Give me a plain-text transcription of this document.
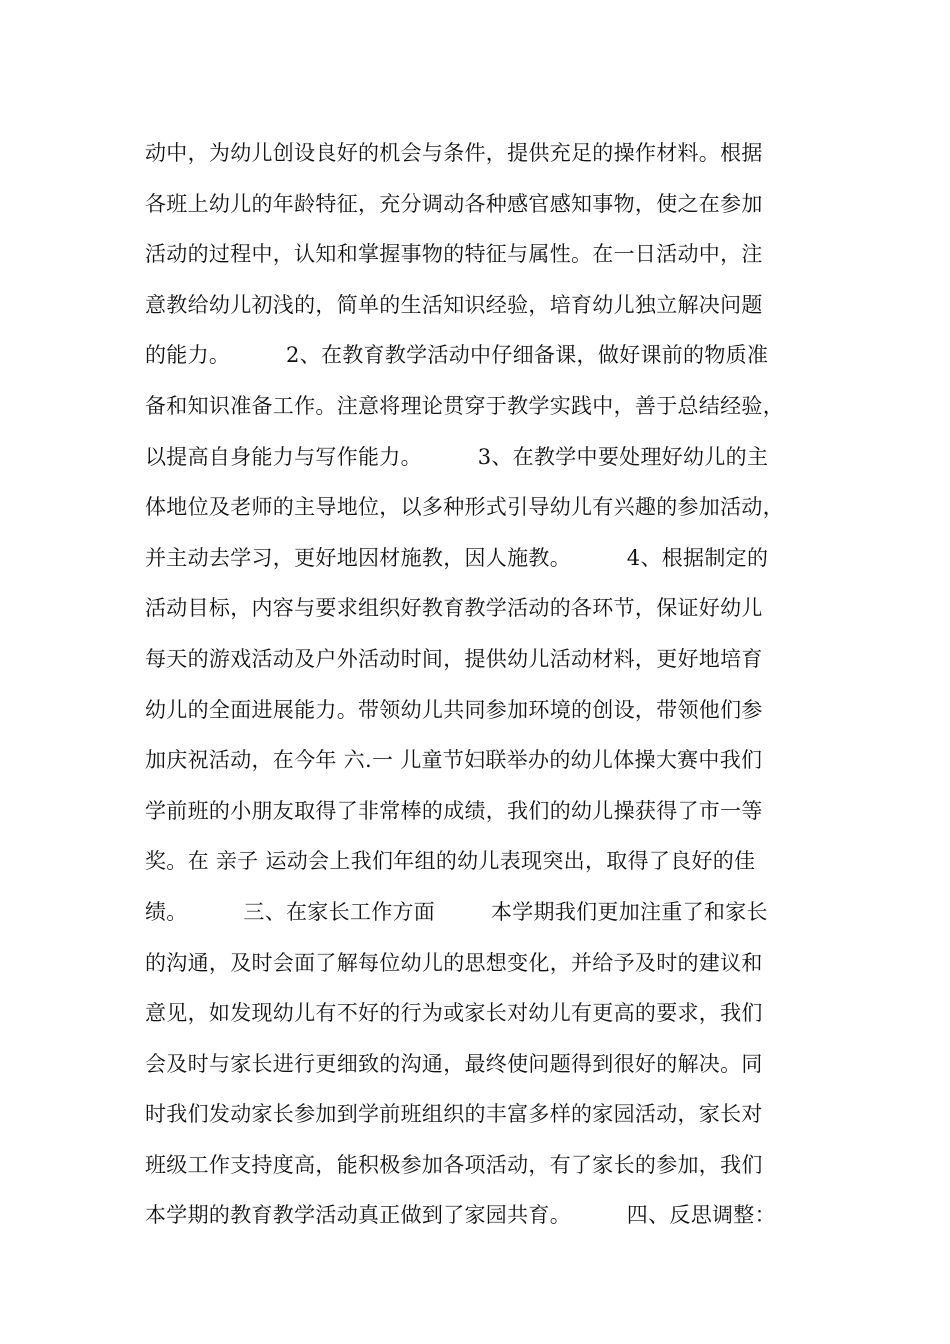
动中，为幼儿创设良好的机会与条件，提供充足的操作材料。根据
各班上幼儿的年龄特征，充分调动各种感官感知事物，使之在参加
活动的过程中，认知和掌握事物的特征与属性。在一日活动中，注
意教给幼儿初浅的，简单的生活知识经验，培育幼儿独立解决问题
的能力。        2、在教育教学活动中仔细备课，做好课前的物质准
备和知识准备工作。注意将理论贯穿于教学实践中，善于总结经验，
以提高自身能力与写作能力。        3、在教学中要处理好幼儿的主
体地位及老师的主导地位，以多种形式引导幼儿有兴趣的参加活动，
并主动去学习，更好地因材施教，因人施教。        4、根据制定的
活动目标，内容与要求组织好教育教学活动的各环节，保证好幼儿
每天的游戏活动及户外活动时间，提供幼儿活动材料，更好地培育
幼儿的全面进展能力。带领幼儿共同参加环境的创设，带领他们参
加庆祝活动，在今年 六.一 儿童节妇联举办的幼儿体操大赛中我们
学前班的小朋友取得了非常棒的成绩，我们的幼儿操获得了市一等
奖。在 亲子 运动会上我们年组的幼儿表现突出，取得了良好的佳
绩。        三、在家长工作方面        本学期我们更加注重了和家长
的沟通，及时会面了解每位幼儿的思想变化，并给予及时的建议和
意见，如发现幼儿有不好的行为或家长对幼儿有更高的要求，我们
会及时与家长进行更细致的沟通，最终使问题得到很好的解决。同
时我们发动家长参加到学前班组织的丰富多样的家园活动，家长对
班级工作支持度高，能积极参加各项活动，有了家长的参加，我们
本学期的教育教学活动真正做到了家园共育。        四、反思调整：
